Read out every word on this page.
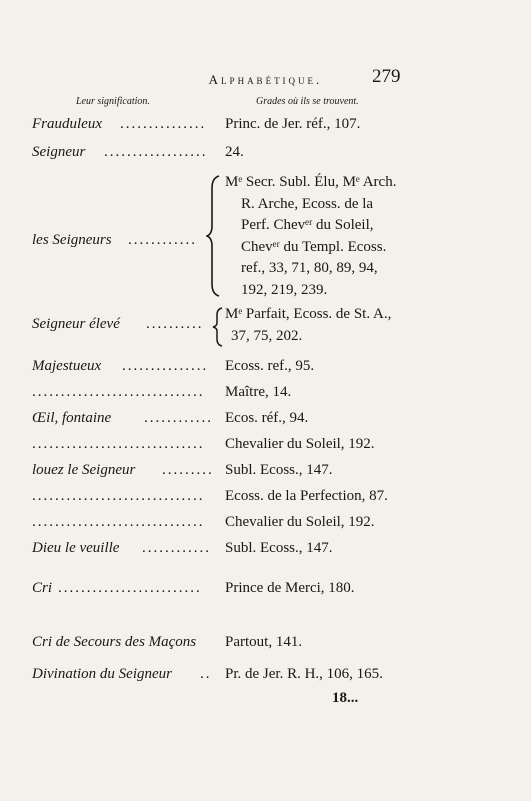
Alphabétique.	279
Leur signification.	Grades où ils se trouvent.
Frauduleux ...............	Princ. de Jer. réf., 107.
Seigneur ..................	24.
les Seigneurs ............
Mᵉ Secr. Subl. Élu, Mᵉ Arch.
R. Arche, Ecoss. de la
Perf. Chevᵉʳ du Soleil,
Chevᵉʳ du Templ. Ecoss.
ref., 33, 71, 80, 89, 94,
192, 219, 239.
Seigneur élevé ..........
Mᵉ Parfait, Ecoss. de St. A.,
37, 75, 202.
Majestueux ...............	Ecoss. ref., 95.
..............................	Maître, 14.
Œil, fontaine ............ Ecos. réf., 94.
..............................	Chevalier du Soleil, 192.
louez le Seigneur ......... Subl. Ecoss., 147.
..............................	Ecoss. de la Perfection, 87.
..............................	Chevalier du Soleil, 192.
Dieu le veuille ............ Subl. Ecoss., 147.
Cri .........................	Prince de Merci, 180.
Cri de Secours des Maçons Partout, 141.
Divination du Seigneur .. Pr. de Jer. R. H., 106, 165.
18...
